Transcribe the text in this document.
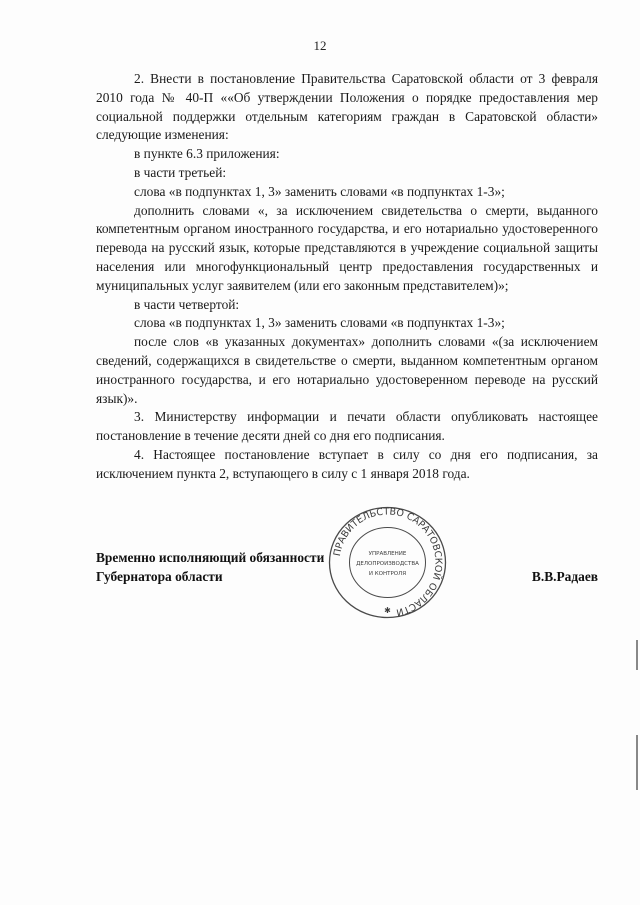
12

2. Внести в постановление Правительства Саратовской области от 3 февраля 2010 года № 40-П ««Об утверждении Положения о порядке предоставления мер социальной поддержки отдельным категориям граждан в Саратовской области» следующие изменения:

в пункте 6.3 приложения:

в части третьей:

слова «в подпунктах 1, 3» заменить словами «в подпунктах 1-3»;

дополнить словами «, за исключением свидетельства о смерти, выданного компетентным органом иностранного государства, и его нотариально удостоверенного перевода на русский язык, которые представляются в учреждение социальной защиты населения или многофункциональный центр предоставления государственных и муниципальных услуг заявителем (или его законным представителем)»;

в части четвертой:

слова «в подпунктах 1, 3» заменить словами «в подпунктах 1-3»;

после слов «в указанных документах» дополнить словами «(за исключением сведений, содержащихся в свидетельстве о смерти, выданном компетентным органом иностранного государства, и его нотариально удостоверенном переводе на русский язык)».

3. Министерству информации и печати области опубликовать настоящее постановление в течение десяти дней со дня его подписания.

4. Настоящее постановление вступает в силу со дня его подписания, за исключением пункта 2, вступающего в силу с 1 января 2018 года.

Временно исполняющий обязанности
Губернатора области	В.В.Радаев
ПРАВИТЕЛЬСТВО САРАТОВСКОЙ ОБЛАСТИ
УПРАВЛЕНИЕ
ДЕЛОПРОИЗВОДСТВА
И КОНТРОЛЯ
✱
